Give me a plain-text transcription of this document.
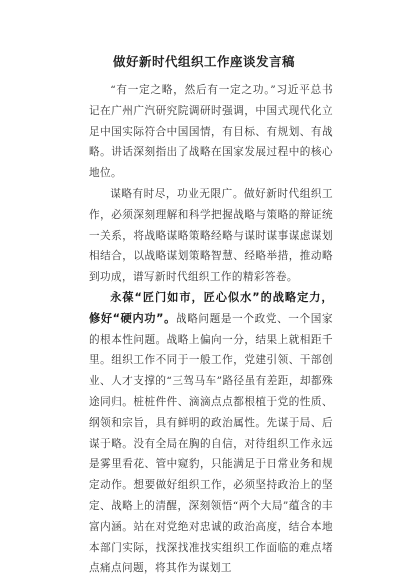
做好新时代组织工作座谈发言稿

“有一定之略，然后有一定之功。”习近平总书记在广州广汽研究院调研时强调，中国式现代化立足中国实际符合中国国情，有目标、有规划、有战略。讲话深刻指出了战略在国家发展过程中的核心地位。

谋略有时尽，功业无限广。做好新时代组织工作，必须深刻理解和科学把握战略与策略的辩证统一关系，将战略谋略策略经略与谋时谋事谋虑谋划相结合，以战略谋划策略智慧、经略举措，推动略到功成，谱写新时代组织工作的精彩答卷。

永葆“匠门如市，匠心似水”的战略定力，修好“硬内功”。战略问题是一个政党、一个国家的根本性问题。战略上偏向一分，结果上就相距千里。组织工作不同于一般工作，党建引领、干部创业、人才支撑的“三驾马车”路径虽有差距，却都殊途同归。桩桩件件、滴滴点点都根植于党的性质、纲领和宗旨，具有鲜明的政治属性。先谋于局、后谋于略。没有全局在胸的自信，对待组织工作永远是雾里看花、管中窥豹，只能满足于日常业务和规定动作。想要做好组织工作，必须坚持政治上的坚定、战略上的清醒，深刻领悟“两个大局”蕴含的丰富内涵。站在对党绝对忠诚的政治高度，结合本地本部门实际，找深找准找实组织工作面临的难点堵点痛点问题，将其作为谋划工
